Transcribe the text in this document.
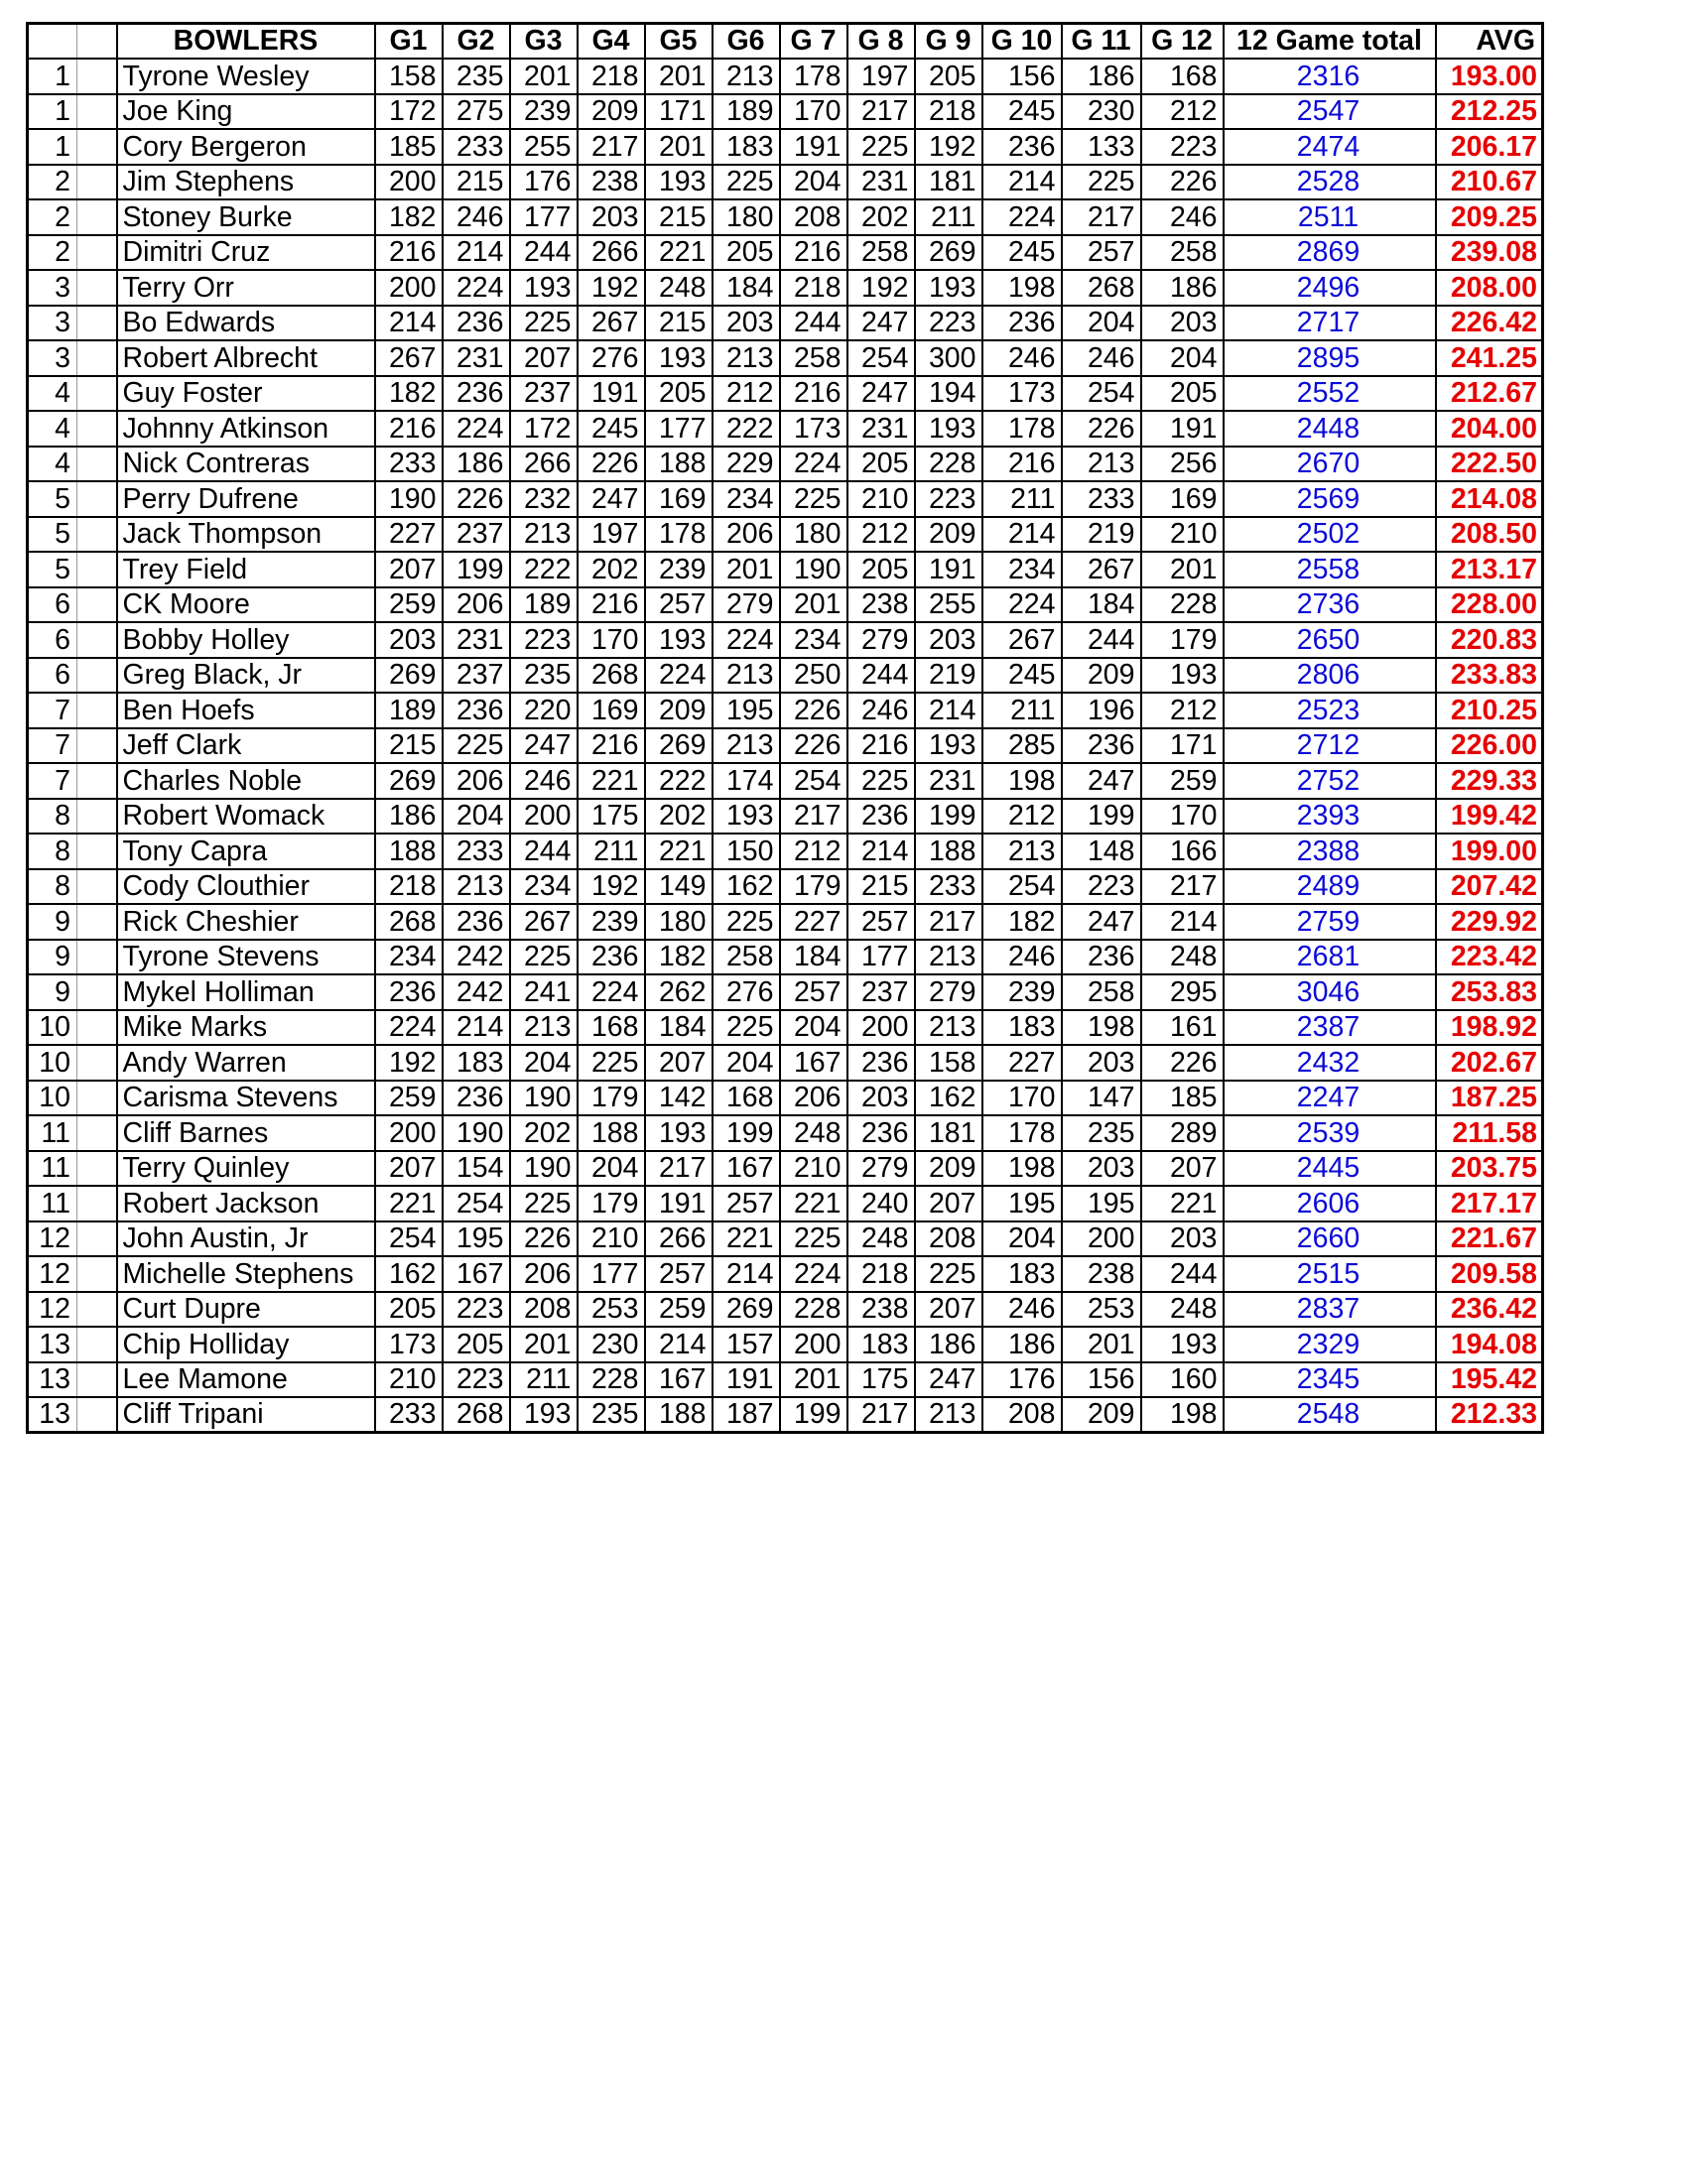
		BOWLERS	G1	G2	G3	G4	G5	G6	G 7	G 8	G 9	G 10	G 11	G 12	12 Game total	AVG
1		Tyrone Wesley	158	235	201	218	201	213	178	197	205	156	186	168	2316	193.00
1		Joe King	172	275	239	209	171	189	170	217	218	245	230	212	2547	212.25
1		Cory Bergeron	185	233	255	217	201	183	191	225	192	236	133	223	2474	206.17
2		Jim Stephens	200	215	176	238	193	225	204	231	181	214	225	226	2528	210.67
2		Stoney Burke	182	246	177	203	215	180	208	202	211	224	217	246	2511	209.25
2		Dimitri Cruz	216	214	244	266	221	205	216	258	269	245	257	258	2869	239.08
3		Terry Orr	200	224	193	192	248	184	218	192	193	198	268	186	2496	208.00
3		Bo Edwards	214	236	225	267	215	203	244	247	223	236	204	203	2717	226.42
3		Robert Albrecht	267	231	207	276	193	213	258	254	300	246	246	204	2895	241.25
4		Guy Foster	182	236	237	191	205	212	216	247	194	173	254	205	2552	212.67
4		Johnny Atkinson	216	224	172	245	177	222	173	231	193	178	226	191	2448	204.00
4		Nick Contreras	233	186	266	226	188	229	224	205	228	216	213	256	2670	222.50
5		Perry Dufrene	190	226	232	247	169	234	225	210	223	211	233	169	2569	214.08
5		Jack Thompson	227	237	213	197	178	206	180	212	209	214	219	210	2502	208.50
5		Trey Field	207	199	222	202	239	201	190	205	191	234	267	201	2558	213.17
6		CK Moore	259	206	189	216	257	279	201	238	255	224	184	228	2736	228.00
6		Bobby Holley	203	231	223	170	193	224	234	279	203	267	244	179	2650	220.83
6		Greg Black, Jr	269	237	235	268	224	213	250	244	219	245	209	193	2806	233.83
7		Ben Hoefs	189	236	220	169	209	195	226	246	214	211	196	212	2523	210.25
7		Jeff Clark	215	225	247	216	269	213	226	216	193	285	236	171	2712	226.00
7		Charles Noble	269	206	246	221	222	174	254	225	231	198	247	259	2752	229.33
8		Robert Womack	186	204	200	175	202	193	217	236	199	212	199	170	2393	199.42
8		Tony Capra	188	233	244	211	221	150	212	214	188	213	148	166	2388	199.00
8		Cody Clouthier	218	213	234	192	149	162	179	215	233	254	223	217	2489	207.42
9		Rick Cheshier	268	236	267	239	180	225	227	257	217	182	247	214	2759	229.92
9		Tyrone Stevens	234	242	225	236	182	258	184	177	213	246	236	248	2681	223.42
9		Mykel Holliman	236	242	241	224	262	276	257	237	279	239	258	295	3046	253.83
10		Mike Marks	224	214	213	168	184	225	204	200	213	183	198	161	2387	198.92
10		Andy Warren	192	183	204	225	207	204	167	236	158	227	203	226	2432	202.67
10		Carisma Stevens	259	236	190	179	142	168	206	203	162	170	147	185	2247	187.25
11		Cliff Barnes	200	190	202	188	193	199	248	236	181	178	235	289	2539	211.58
11		Terry Quinley	207	154	190	204	217	167	210	279	209	198	203	207	2445	203.75
11		Robert Jackson	221	254	225	179	191	257	221	240	207	195	195	221	2606	217.17
12		John Austin, Jr	254	195	226	210	266	221	225	248	208	204	200	203	2660	221.67
12		Michelle Stephens	162	167	206	177	257	214	224	218	225	183	238	244	2515	209.58
12		Curt Dupre	205	223	208	253	259	269	228	238	207	246	253	248	2837	236.42
13		Chip Holliday	173	205	201	230	214	157	200	183	186	186	201	193	2329	194.08
13		Lee Mamone	210	223	211	228	167	191	201	175	247	176	156	160	2345	195.42
13		Cliff Tripani	233	268	193	235	188	187	199	217	213	208	209	198	2548	212.33
